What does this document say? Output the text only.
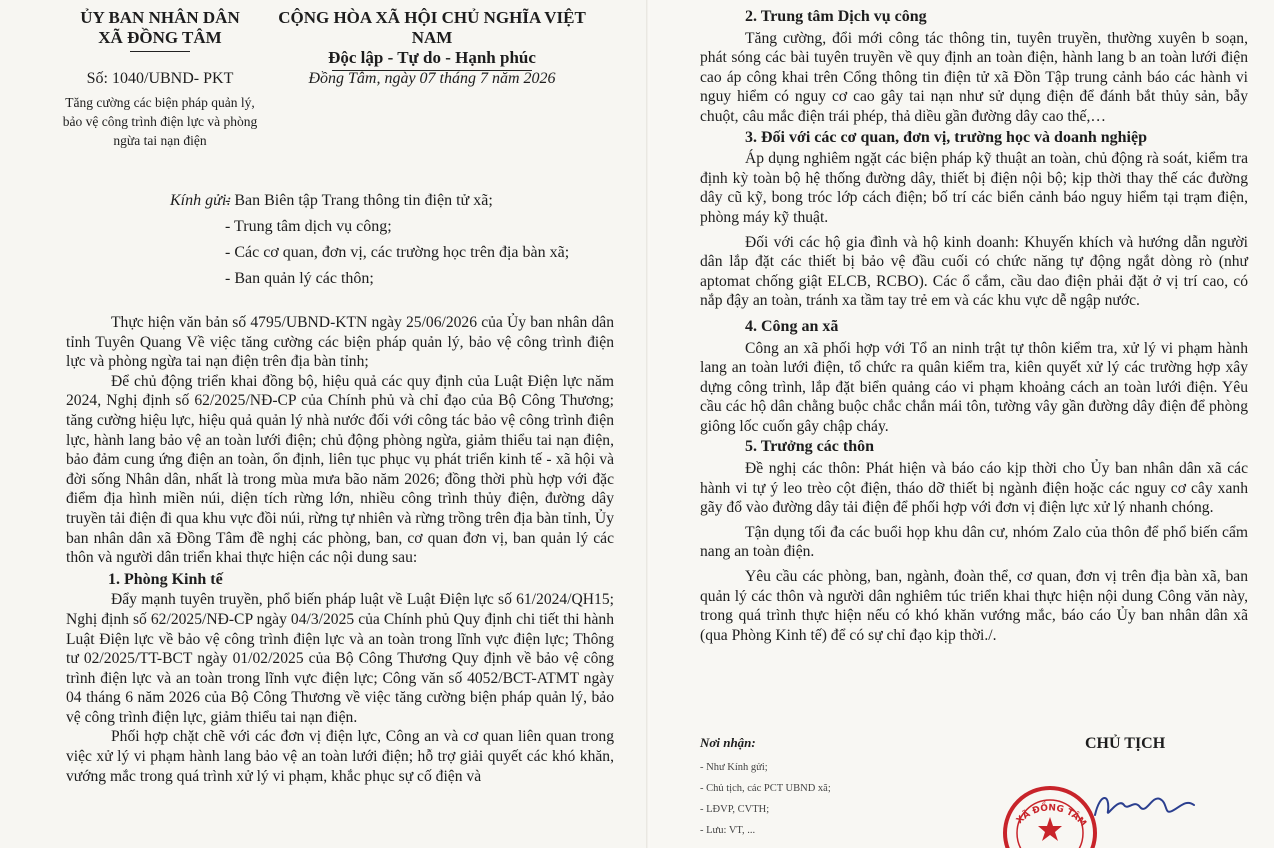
ỦY BAN NHÂN DÂN
XÃ ĐỒNG TÂM
CỘNG HÒA XÃ HỘI CHỦ NGHĨA VIỆT NAM
Độc lập - Tự do - Hạnh phúc
Số: 1040/UBND- PKT
Tăng cường các biện pháp quản lý, bảo vệ công trình điện lực và phòng ngừa tai nạn điện
Đồng Tâm, ngày 07 tháng 7 năm 2026
Kính gửi:
- Ban Biên tập Trang thông tin điện tử xã;
- Trung tâm dịch vụ công;
- Các cơ quan, đơn vị, các trường học trên địa bàn xã;
- Ban quản lý các thôn;

Thực hiện văn bản số 4795/UBND-KTN ngày 25/06/2026 của Ủy ban nhân dân tỉnh Tuyên Quang Về việc tăng cường các biện pháp quản lý, bảo vệ công trình điện lực và phòng ngừa tai nạn điện trên địa bàn tỉnh;

Để chủ động triển khai đồng bộ, hiệu quả các quy định của Luật Điện lực năm 2024, Nghị định số 62/2025/NĐ-CP của Chính phủ và chỉ đạo của Bộ Công Thương; tăng cường hiệu lực, hiệu quả quản lý nhà nước đối với công tác bảo vệ công trình điện lực, hành lang bảo vệ an toàn lưới điện; chủ động phòng ngừa, giảm thiểu tai nạn điện, bảo đảm cung ứng điện an toàn, ổn định, liên tục phục vụ phát triển kinh tế - xã hội và đời sống Nhân dân, nhất là trong mùa mưa bão năm 2026; đồng thời phù hợp với đặc điểm địa hình miền núi, diện tích rừng lớn, nhiều công trình thủy điện, đường dây truyền tải điện đi qua khu vực đồi núi, rừng tự nhiên và rừng trồng trên địa bàn tỉnh, Ủy ban nhân dân xã Đồng Tâm đề nghị các phòng, ban, cơ quan đơn vị, ban quản lý các thôn và người dân triển khai thực hiện các nội dung sau:

1. Phòng Kinh tế

Đẩy mạnh tuyên truyền, phổ biến pháp luật về Luật Điện lực số 61/2024/QH15; Nghị định số 62/2025/NĐ-CP ngày 04/3/2025 của Chính phủ Quy định chi tiết thi hành Luật Điện lực về bảo vệ công trình điện lực và an toàn trong lĩnh vực điện lực; Thông tư 02/2025/TT-BCT ngày 01/02/2025 của Bộ Công Thương Quy định về bảo vệ công trình điện lực và an toàn trong lĩnh vực điện lực; Công văn số 4052/BCT-ATMT ngày 04 tháng 6 năm 2026 của Bộ Công Thương về việc tăng cường biện pháp quản lý, bảo vệ công trình điện lực, giảm thiểu tai nạn điện.

Phối hợp chặt chẽ với các đơn vị điện lực, Công an và cơ quan liên quan trong việc xử lý vi phạm hành lang bảo vệ an toàn lưới điện; hỗ trợ giải quyết các khó khăn, vướng mắc trong quá trình xử lý vi phạm, khắc phục sự cố điện và

2. Trung tâm Dịch vụ công

Tăng cường, đổi mới công tác thông tin, tuyên truyền, thường xuyên b soạn, phát sóng các bài tuyên truyền về quy định an toàn điện, hành lang b an toàn lưới điện cao áp công khai trên Cổng thông tin điện tử xã Đồn Tập trung cảnh báo các hành vi nguy hiểm có nguy cơ cao gây tai nạn như sử dụng điện để đánh bắt thủy sản, bẫy chuột, câu mắc điện trái phép, thả diều gần đường dây cao thế,…

3. Đối với các cơ quan, đơn vị, trường học và doanh nghiệp

Áp dụng nghiêm ngặt các biện pháp kỹ thuật an toàn, chủ động rà soát, kiểm tra định kỳ toàn bộ hệ thống đường dây, thiết bị điện nội bộ; kịp thời thay thế các đường dây cũ kỹ, bong tróc lớp cách điện; bố trí các biển cảnh báo nguy hiểm tại trạm điện, phòng máy kỹ thuật.

Đối với các hộ gia đình và hộ kinh doanh: Khuyến khích và hướng dẫn người dân lắp đặt các thiết bị bảo vệ đầu cuối có chức năng tự động ngắt dòng rò (như aptomat chống giật ELCB, RCBO). Các ổ cắm, cầu dao điện phải đặt ở vị trí cao, có nắp đậy an toàn, tránh xa tầm tay trẻ em và các khu vực dễ ngập nước.

4. Công an xã

Công an xã phối hợp với Tổ an ninh trật tự thôn kiểm tra, xử lý vi phạm hành lang an toàn lưới điện, tổ chức ra quân kiểm tra, kiên quyết xử lý các trường hợp xây dựng công trình, lắp đặt biển quảng cáo vi phạm khoảng cách an toàn lưới điện. Yêu cầu các hộ dân chằng buộc chắc chắn mái tôn, tường vây gần đường dây điện để phòng giông lốc cuốn gây chập cháy.

5. Trưởng các thôn

Đề nghị các thôn: Phát hiện và báo cáo kịp thời cho Ủy ban nhân dân xã các hành vi tự ý leo trèo cột điện, tháo dỡ thiết bị ngành điện hoặc các nguy cơ cây xanh gãy đổ vào đường dây tải điện để phối hợp với đơn vị điện lực xử lý nhanh chóng.

Tận dụng tối đa các buổi họp khu dân cư, nhóm Zalo của thôn để phổ biến cẩm nang an toàn điện.

Yêu cầu các phòng, ban, ngành, đoàn thể, cơ quan, đơn vị trên địa bàn xã, ban quản lý các thôn và người dân nghiêm túc triển khai thực hiện nội dung Công văn này, trong quá trình thực hiện nếu có khó khăn vướng mắc, báo cáo Ủy ban nhân dân xã (qua Phòng Kinh tế) để có sự chỉ đạo kịp thời./.

Nơi nhận:
- Như Kính gửi;
- Chủ tịch, các PCT UBND xã;
- LĐVP, CVTH;
- Lưu: VT, ...
CHỦ TỊCH
XÃ ĐỒNG TÂM
